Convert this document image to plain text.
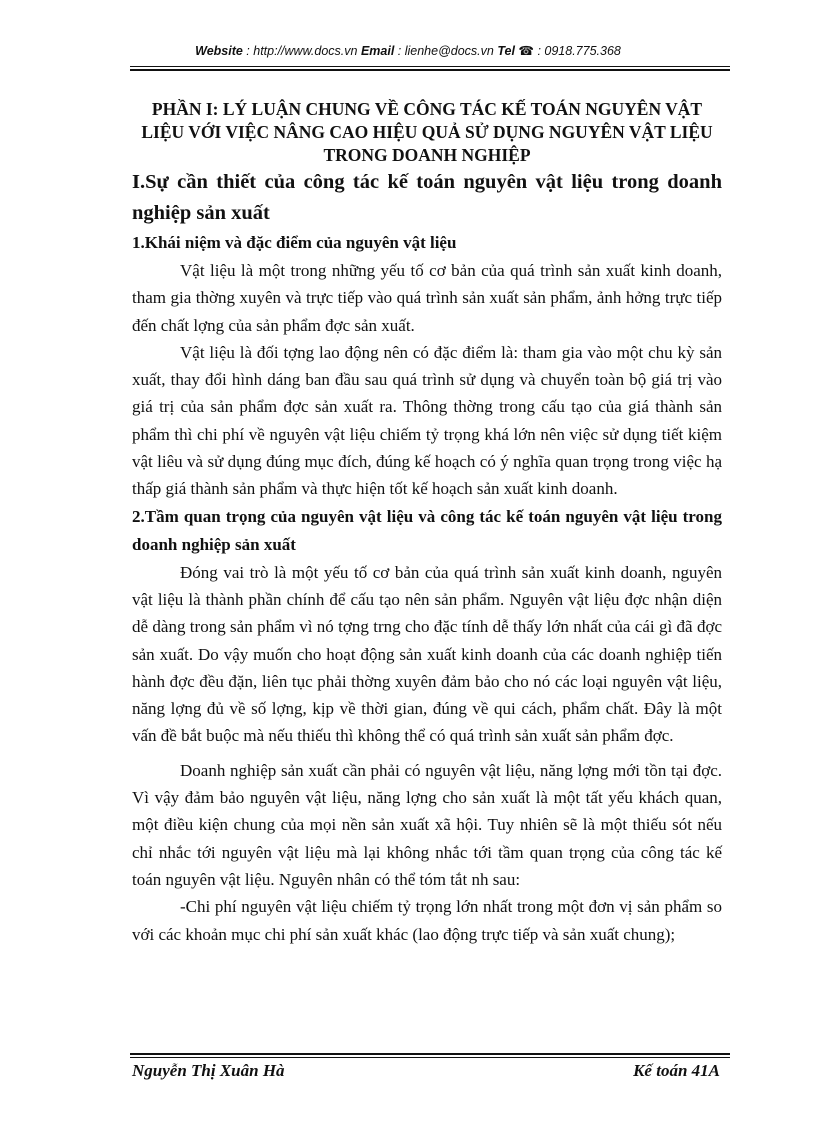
Website : http://www.docs.vn Email : lienhe@docs.vn Tel ☎ : 0918.775.368

PHẦN I: LÝ LUẬN CHUNG VỀ CÔNG TÁC KẾ TOÁN NGUYÊN VẬT LIỆU VỚI VIỆC NÂNG CAO HIỆU QUẢ SỬ DỤNG NGUYÊN VẬT LIỆU TRONG DOANH NGHIỆP

I.Sự cần thiết của công tác kế toán nguyên vật liệu trong doanh nghiệp sản xuất

1.Khái niệm và đặc điểm của nguyên vật liệu

Vật liệu là một trong những yếu tố cơ bản của quá trình sản xuất kinh doanh, tham gia thờng xuyên và trực tiếp vào quá trình sản xuất sản phẩm, ảnh hởng trực tiếp đến chất lợng của sản phẩm đợc sản xuất.

Vật liệu là đối tợng lao động nên có đặc điểm là: tham gia vào một chu kỳ sản xuất, thay đổi hình dáng ban đầu sau quá trình sử dụng và chuyển toàn bộ giá trị vào giá trị của sản phẩm đợc sản xuất ra. Thông thờng trong cấu tạo của giá thành sản phẩm thì chi phí về nguyên vật liệu chiếm tỷ trọng khá lớn nên việc sử dụng tiết kiệm vật liêu và sử dụng đúng mục đích, đúng kế hoạch có ý nghĩa quan trọng trong việc hạ thấp giá thành sản phẩm và thực hiện tốt kế hoạch sản xuất kinh doanh.

2.Tầm quan trọng của nguyên vật liệu và công tác kế toán nguyên vật liệu trong doanh nghiệp sản xuất

Đóng vai trò là một yếu tố cơ bản của quá trình sản xuất kinh doanh, nguyên vật liệu là thành phần chính để cấu tạo nên sản phẩm. Nguyên vật liệu đợc nhận diện dễ dàng trong sản phẩm vì nó tợng trng cho đặc tính dễ thấy lớn nhất của cái gì đã đợc sản xuất. Do vậy muốn cho hoạt động sản xuất kinh doanh của các doanh nghiệp tiến hành đợc đều đặn, liên tục phải thờng xuyên đảm bảo cho nó các loại nguyên vật liệu, năng lợng đủ về số lợng, kịp về thời gian, đúng về qui cách, phẩm chất. Đây là một vấn đề bắt buộc mà nếu thiếu thì không thể có quá trình sản xuất sản phẩm đợc.

Doanh nghiệp sản xuất cần phải có nguyên vật liệu, năng lợng mới tồn tại đợc. Vì vậy đảm bảo nguyên vật liệu, năng lợng cho sản xuất là một tất yếu khách quan, một điều kiện chung của mọi nền sản xuất xã hội. Tuy nhiên sẽ là một thiếu sót nếu chỉ nhắc tới nguyên vật liệu mà lại không nhắc tới tầm quan trọng của công tác kế toán nguyên vật liệu. Nguyên nhân có thể tóm tắt nh sau:

-Chi phí nguyên vật liệu chiếm tỷ trọng lớn nhất trong một đơn vị sản phẩm so với các khoản mục chi phí sản xuất khác (lao động trực tiếp và sản xuất chung);

Nguyễn Thị Xuân Hà	Kế toán 41A
